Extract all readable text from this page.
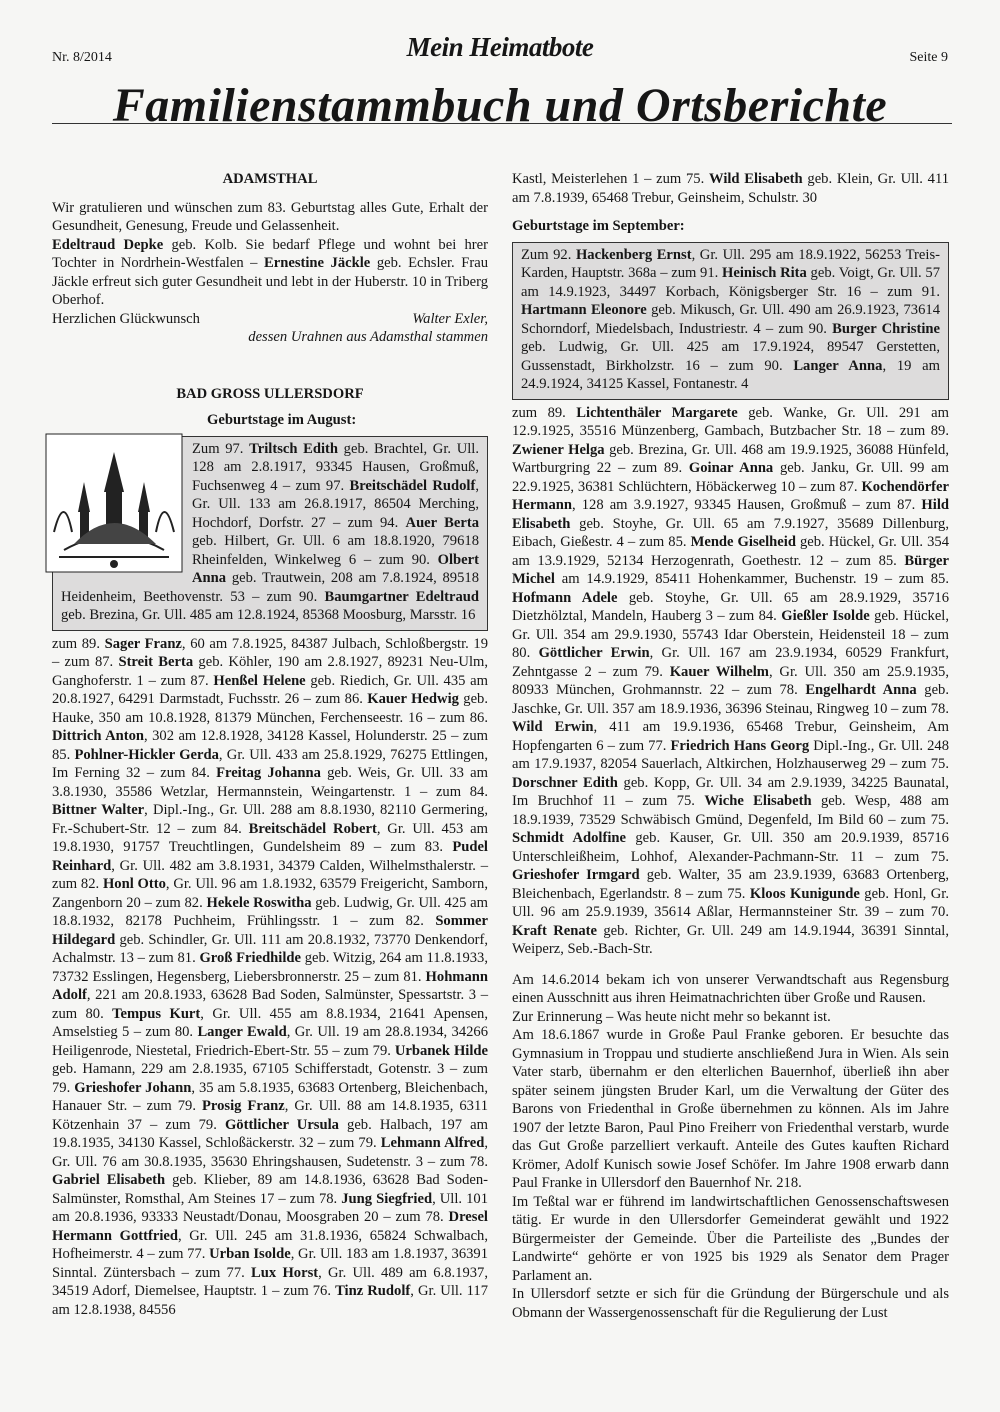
Nr. 8/2014	Mein Heimatbote	Seite 9
Familienstammbuch und Ortsberichte

ADAMSTHAL

Wir gratulieren und wünschen zum 83. Geburtstag alles Gute, Erhalt der Gesundheit, Genesung, Freude und Gelassenheit.
Edeltraud Depke geb. Kolb. Sie bedarf Pflege und wohnt bei hrer Tochter in Nordrhein-Westfalen – Ernestine Jäckle geb. Echsler. Frau Jäckle erfreut sich guter Gesundheit und lebt in der Huberstr. 10 in Triberg Oberhof.

Herzlichen Glückwunsch	Walter Exler,

dessen Urahnen aus Adamsthal stammen

BAD GROSS ULLERSDORF

Geburtstage im August:

Zum 97. Triltsch Edith geb. Brachtel, Gr. Ull. 128 am 2.8.1917, 93345 Hausen, Großmuß, Fuchsenweg 4 – zum 97. Breitschädel Rudolf, Gr. Ull. 133 am 26.8.1917, 86504 Merching, Hochdorf, Dorfstr. 27 – zum 94. Auer Berta geb. Hilbert, Gr. Ull. 6 am 18.8.1920, 79618 Rheinfelden, Winkelweg 6 – zum 90. Olbert Anna geb. Trautwein, 208 am 7.8.1924, 89518 Heidenheim, Beethovenstr. 53 – zum 90. Baumgartner Edeltraud geb. Brezina, Gr. Ull. 485 am 12.8.1924, 85368 Moosburg, Marsstr. 16

zum 89. Sager Franz, 60 am 7.8.1925, 84387 Julbach, Schloßbergstr. 19 – zum 87. Streit Berta geb. Köhler, 190 am 2.8.1927, 89231 Neu-Ulm, Ganghoferstr. 1 – zum 87. Henßel Helene geb. Riedich, Gr. Ull. 435 am 20.8.1927, 64291 Darmstadt, Fuchsstr. 26 – zum 86. Kauer Hedwig geb. Hauke, 350 am 10.8.1928, 81379 München, Ferchenseestr. 16 – zum 86. Dittrich Anton, 302 am 12.8.1928, 34128 Kassel, Holunderstr. 25 – zum 85. Pohlner-Hickler Gerda, Gr. Ull. 433 am 25.8.1929, 76275 Ettlingen, Im Ferning 32 – zum 84. Freitag Johanna geb. Weis, Gr. Ull. 33 am 3.8.1930, 35586 Wetzlar, Hermannstein, Weingartenstr. 1 – zum 84. Bittner Walter, Dipl.-Ing., Gr. Ull. 288 am 8.8.1930, 82110 Germering, Fr.-Schubert-Str. 12 – zum 84. Breitschädel Robert, Gr. Ull. 453 am 19.8.1930, 91757 Treuchtlingen, Gundelsheim 89 – zum 83. Pudel Reinhard, Gr. Ull. 482 am 3.8.1931, 34379 Calden, Wilhelmsthalerstr. – zum 82. Honl Otto, Gr. Ull. 96 am 1.8.1932, 63579 Freigericht, Samborn, Zangenborn 20 – zum 82. Hekele Roswitha geb. Ludwig, Gr. Ull. 425 am 18.8.1932, 82178 Puchheim, Frühlingsstr. 1 – zum 82. Sommer Hildegard geb. Schindler, Gr. Ull. 111 am 20.8.1932, 73770 Denkendorf, Achalmstr. 13 – zum 81. Groß Friedhilde geb. Witzig, 264 am 11.8.1933, 73732 Esslingen, Hegensberg, Liebersbronnerstr. 25 – zum 81. Hohmann Adolf, 221 am 20.8.1933, 63628 Bad Soden, Salmünster, Spessartstr. 3 – zum 80. Tempus Kurt, Gr. Ull. 455 am 8.8.1934, 21641 Apensen, Amselstieg 5 – zum 80. Langer Ewald, Gr. Ull. 19 am 28.8.1934, 34266 Heiligenrode, Niestetal, Friedrich-Ebert-Str. 55 – zum 79. Urbanek Hilde geb. Hamann, 229 am 2.8.1935, 67105 Schifferstadt, Gotenstr. 3 – zum 79. Grieshofer Johann, 35 am 5.8.1935, 63683 Ortenberg, Bleichenbach, Hanauer Str. – zum 79. Prosig Franz, Gr. Ull. 88 am 14.8.1935, 6311 Kötzenhain 37 – zum 79. Göttlicher Ursula geb. Halbach, 197 am 19.8.1935, 34130 Kassel, Schloßäckerstr. 32 – zum 79. Lehmann Alfred, Gr. Ull. 76 am 30.8.1935, 35630 Ehringshausen, Sudetenstr. 3 – zum 78. Gabriel Elisabeth geb. Klieber, 89 am 14.8.1936, 63628 Bad Soden-Salmünster, Romsthal, Am Steines 17 – zum 78. Jung Siegfried, Ull. 101 am 20.8.1936, 93333 Neustadt/Donau, Moosgraben 20 – zum 78. Dresel Hermann Gottfried, Gr. Ull. 245 am 31.8.1936, 65824 Schwalbach, Hofheimerstr. 4 – zum 77. Urban Isolde, Gr. Ull. 183 am 1.8.1937, 36391 Sinntal. Züntersbach – zum 77. Lux Horst, Gr. Ull. 489 am 6.8.1937, 34519 Adorf, Diemelsee, Hauptstr. 1 – zum 76. Tinz Rudolf, Gr. Ull. 117 am 12.8.1938, 84556

Kastl, Meisterlehen 1 – zum 75. Wild Elisabeth geb. Klein, Gr. Ull. 411 am 7.8.1939, 65468 Trebur, Geinsheim, Schulstr. 30

Geburtstage im September:

Zum 92. Hackenberg Ernst, Gr. Ull. 295 am 18.9.1922, 56253 Treis-Karden, Hauptstr. 368a – zum 91. Heinisch Rita geb. Voigt, Gr. Ull. 57 am 14.9.1923, 34497 Korbach, Königsberger Str. 16 – zum 91. Hartmann Eleonore geb. Mikusch, Gr. Ull. 490 am 26.9.1923, 73614 Schorndorf, Miedelsbach, Industriestr. 4 – zum 90. Burger Christine geb. Ludwig, Gr. Ull. 425 am 17.9.1924, 89547 Gerstetten, Gussenstadt, Birkholzstr. 16 – zum 90. Langer Anna, 19 am 24.9.1924, 34125 Kassel, Fontanestr. 4

zum 89. Lichtenthäler Margarete geb. Wanke, Gr. Ull. 291 am 12.9.1925, 35516 Münzenberg, Gambach, Butzbacher Str. 18 – zum 89. Zwiener Helga geb. Brezina, Gr. Ull. 468 am 19.9.1925, 36088 Hünfeld, Wartburgring 22 – zum 89. Goinar Anna geb. Janku, Gr. Ull. 99 am 22.9.1925, 36381 Schlüchtern, Höbäckerweg 10 – zum 87. Kochendörfer Hermann, 128 am 3.9.1927, 93345 Hausen, Großmuß – zum 87. Hild Elisabeth geb. Stoyhe, Gr. Ull. 65 am 7.9.1927, 35689 Dillenburg, Eibach, Gießestr. 4 – zum 85. Mende Giselheid geb. Hückel, Gr. Ull. 354 am 13.9.1929, 52134 Herzogenrath, Goethestr. 12 – zum 85. Bürger Michel am 14.9.1929, 85411 Hohenkammer, Buchenstr. 19 – zum 85. Hofmann Adele geb. Stoyhe, Gr. Ull. 65 am 28.9.1929, 35716 Dietzhölztal, Mandeln, Hauberg 3 – zum 84. Gießler Isolde geb. Hückel, Gr. Ull. 354 am 29.9.1930, 55743 Idar Oberstein, Heidensteil 18 – zum 80. Göttlicher Erwin, Gr. Ull. 167 am 23.9.1934, 60529 Frankfurt, Zehntgasse 2 – zum 79. Kauer Wilhelm, Gr. Ull. 350 am 25.9.1935, 80933 München, Grohmannstr. 22 – zum 78. Engelhardt Anna geb. Jaschke, Gr. Ull. 357 am 18.9.1936, 36396 Steinau, Ringweg 10 – zum 78. Wild Erwin, 411 am 19.9.1936, 65468 Trebur, Geinsheim, Am Hopfengarten 6 – zum 77. Friedrich Hans Georg Dipl.-Ing., Gr. Ull. 248 am 17.9.1937, 82054 Sauerlach, Altkirchen, Holzhauserweg 29 – zum 75. Dorschner Edith geb. Kopp, Gr. Ull. 34 am 2.9.1939, 34225 Baunatal, Im Bruchhof 11 – zum 75. Wiche Elisabeth geb. Wesp, 488 am 18.9.1939, 73529 Schwäbisch Gmünd, Degenfeld, Im Bild 60 – zum 75. Schmidt Adolfine geb. Kauser, Gr. Ull. 350 am 20.9.1939, 85716 Unterschleißheim, Lohhof, Alexander-Pachmann-Str. 11 – zum 75. Grieshofer Irmgard geb. Walter, 35 am 23.9.1939, 63683 Ortenberg, Bleichenbach, Egerlandstr. 8 – zum 75. Kloos Kunigunde geb. Honl, Gr. Ull. 96 am 25.9.1939, 35614 Aßlar, Hermannsteiner Str. 39 – zum 70. Kraft Renate geb. Richter, Gr. Ull. 249 am 14.9.1944, 36391 Sinntal, Weiperz, Seb.-Bach-Str.

Am 14.6.2014 bekam ich von unserer Verwandtschaft aus Regensburg einen Ausschnitt aus ihren Heimatnachrichten über Große und Rausen.

Zur Erinnerung – Was heute nicht mehr so bekannt ist.

Am 18.6.1867 wurde in Große Paul Franke geboren. Er besuchte das Gymnasium in Troppau und studierte anschließend Jura in Wien. Als sein Vater starb, übernahm er den elterlichen Bauernhof, überließ ihn aber später seinem jüngsten Bruder Karl, um die Verwaltung der Güter des Barons von Friedenthal in Große übernehmen zu können. Als im Jahre 1907 der letzte Baron, Paul Pino Freiherr von Friedenthal verstarb, wurde das Gut Große parzelliert verkauft. Anteile des Gutes kauften Richard Krömer, Adolf Kunisch sowie Josef Schöfer. Im Jahre 1908 erwarb dann Paul Franke in Ullersdorf den Bauernhof Nr. 218.

Im Teßtal war er führend im landwirtschaftlichen Genossenschaftswesen tätig. Er wurde in den Ullersdorfer Gemeinderat gewählt und 1922 Bürgermeister der Gemeinde. Über die Parteiliste des „Bundes der Landwirte“ gehörte er von 1925 bis 1929 als Senator dem Prager Parlament an.

In Ullersdorf setzte er sich für die Gründung der Bürgerschule und als Obmann der Wassergenossenschaft für die Regulierung der Lust
